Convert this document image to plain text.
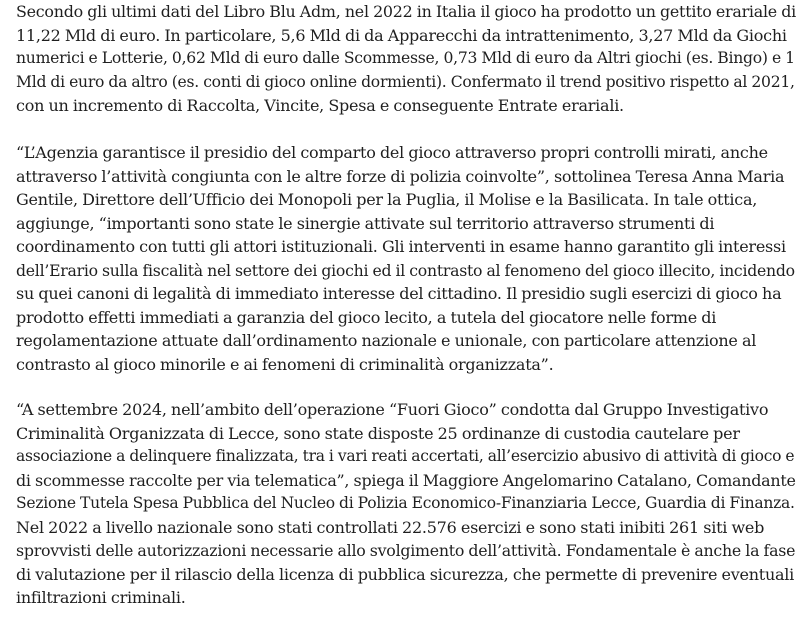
Secondo gli ultimi dati del Libro Blu Adm, nel 2022 in Italia il gioco ha prodotto un gettito erariale di
11,22 Mld di euro. In particolare, 5,6 Mld di da Apparecchi da intrattenimento, 3,27 Mld da Giochi
numerici e Lotterie, 0,62 Mld di euro dalle Scommesse, 0,73 Mld di euro da Altri giochi (es. Bingo) e 1
Mld di euro da altro (es. conti di gioco online dormienti). Confermato il trend positivo rispetto al 2021,
con un incremento di Raccolta, Vincite, Spesa e conseguente Entrate erariali.

“L’Agenzia garantisce il presidio del comparto del gioco attraverso propri controlli mirati, anche
attraverso l’attività congiunta con le altre forze di polizia coinvolte”, sottolinea Teresa Anna Maria
Gentile, Direttore dell’Ufficio dei Monopoli per la Puglia, il Molise e la Basilicata. In tale ottica,
aggiunge, “importanti sono state le sinergie attivate sul territorio attraverso strumenti di
coordinamento con tutti gli attori istituzionali. Gli interventi in esame hanno garantito gli interessi
dell’Erario sulla fiscalità nel settore dei giochi ed il contrasto al fenomeno del gioco illecito, incidendo
su quei canoni di legalità di immediato interesse del cittadino. Il presidio sugli esercizi di gioco ha
prodotto effetti immediati a garanzia del gioco lecito, a tutela del giocatore nelle forme di
regolamentazione attuate dall’ordinamento nazionale e unionale, con particolare attenzione al
contrasto al gioco minorile e ai fenomeni di criminalità organizzata”.

“A settembre 2024, nell’ambito dell’operazione “Fuori Gioco” condotta dal Gruppo Investigativo
Criminalità Organizzata di Lecce, sono state disposte 25 ordinanze di custodia cautelare per
associazione a delinquere finalizzata, tra i vari reati accertati, all’esercizio abusivo di attività di gioco e
di scommesse raccolte per via telematica”, spiega il Maggiore Angelomarino Catalano, Comandante
Sezione Tutela Spesa Pubblica del Nucleo di Polizia Economico-Finanziaria Lecce, Guardia di Finanza.
Nel 2022 a livello nazionale sono stati controllati 22.576 esercizi e sono stati inibiti 261 siti web
sprovvisti delle autorizzazioni necessarie allo svolgimento dell’attività. Fondamentale è anche la fase
di valutazione per il rilascio della licenza di pubblica sicurezza, che permette di prevenire eventuali
infiltrazioni criminali.
